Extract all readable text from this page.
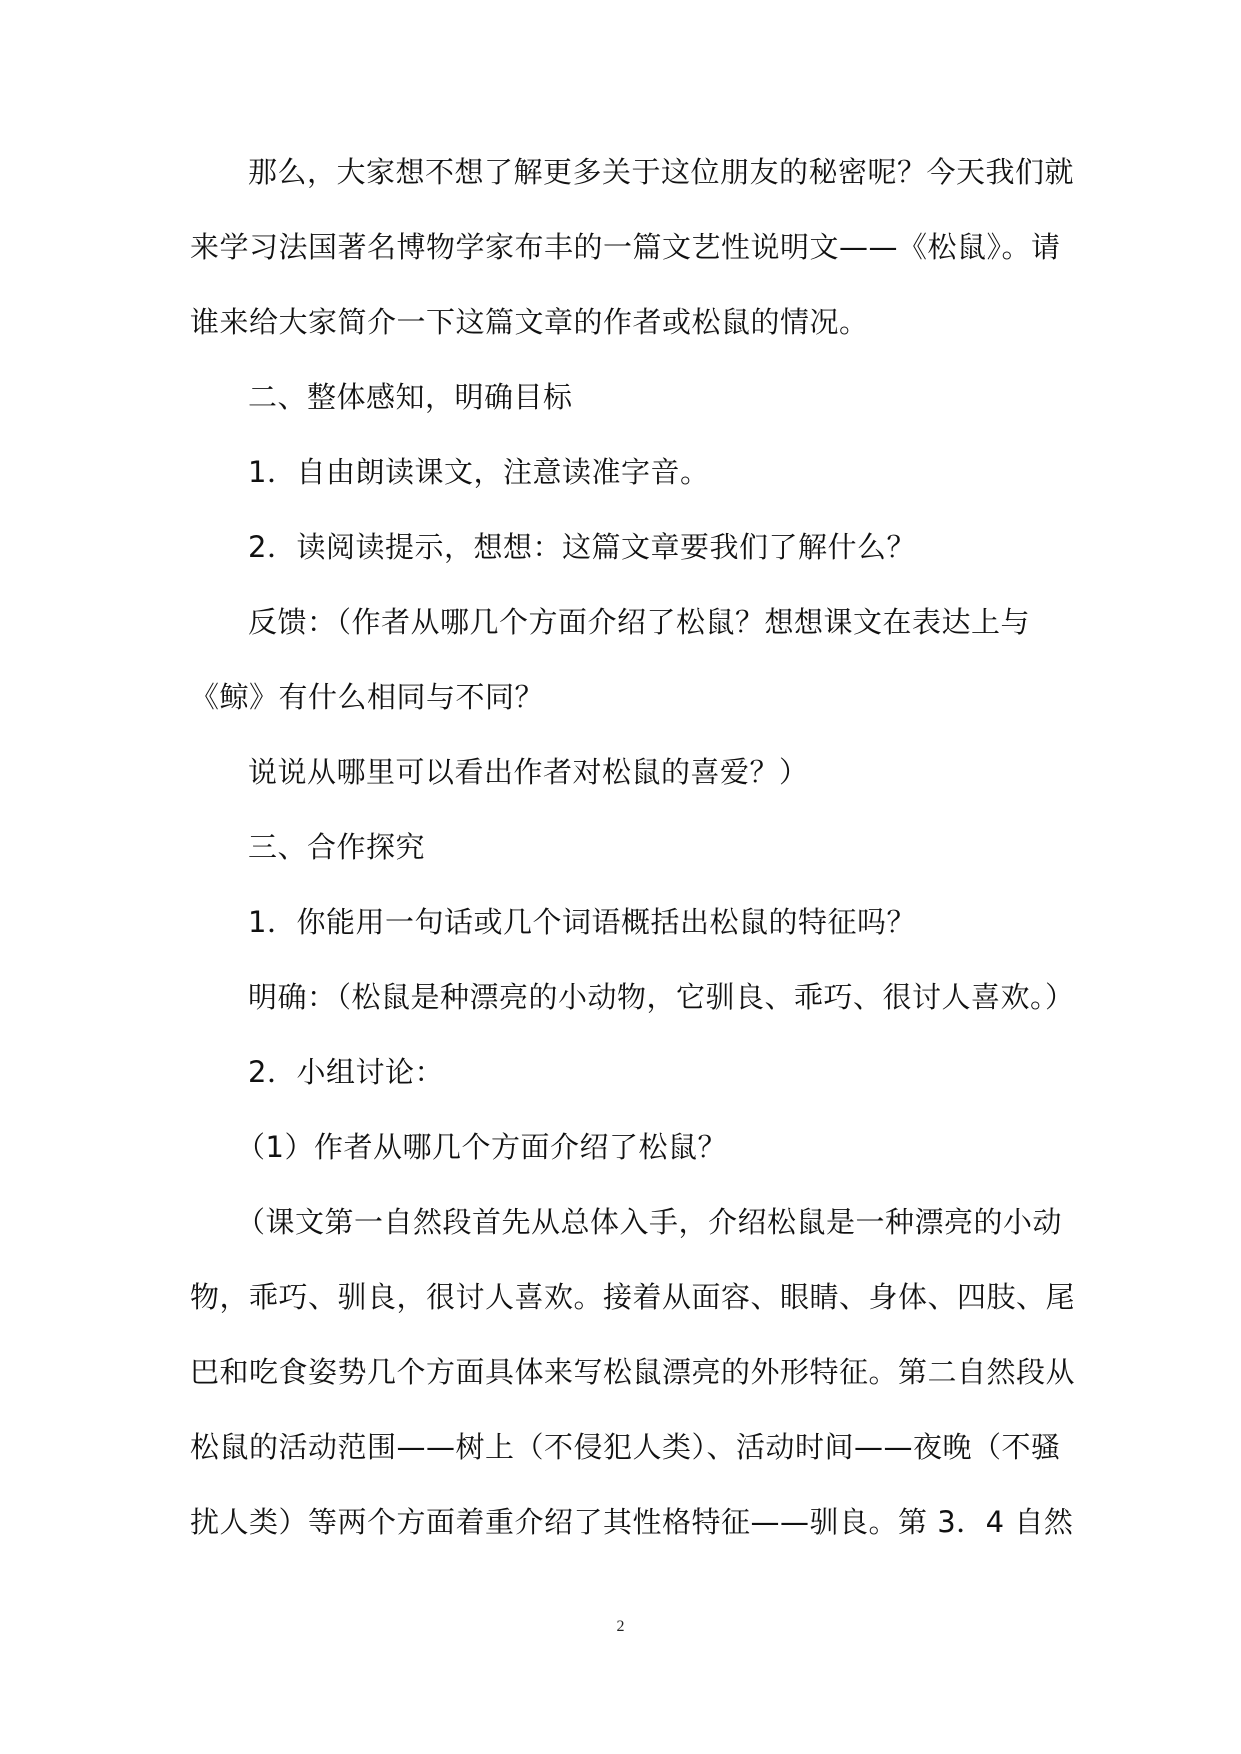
那么，大家想不想了解更多关于这位朋友的秘密呢？今天我们就
来学习法国著名博物学家布丰的一篇文艺性说明文——《松鼠》。请
谁来给大家简介一下这篇文章的作者或松鼠的情况。
二、整体感知，明确目标
1．自由朗读课文，注意读准字音。
2．读阅读提示，想想：这篇文章要我们了解什么？
反馈：（作者从哪几个方面介绍了松鼠？想想课文在表达上与
《鲸》有什么相同与不同？
说说从哪里可以看出作者对松鼠的喜爱？）
三、合作探究
1．你能用一句话或几个词语概括出松鼠的特征吗？
明确：（松鼠是种漂亮的小动物，它驯良、乖巧、很讨人喜欢。）
2．小组讨论：
（1）作者从哪几个方面介绍了松鼠？
（课文第一自然段首先从总体入手，介绍松鼠是一种漂亮的小动
物，乖巧、驯良，很讨人喜欢。接着从面容、眼睛、身体、四肢、尾
巴和吃食姿势几个方面具体来写松鼠漂亮的外形特征。第二自然段从
松鼠的活动范围——树上（不侵犯人类）、活动时间——夜晚（不骚
扰人类）等两个方面着重介绍了其性格特征——驯良。第 3．4 自然
2
